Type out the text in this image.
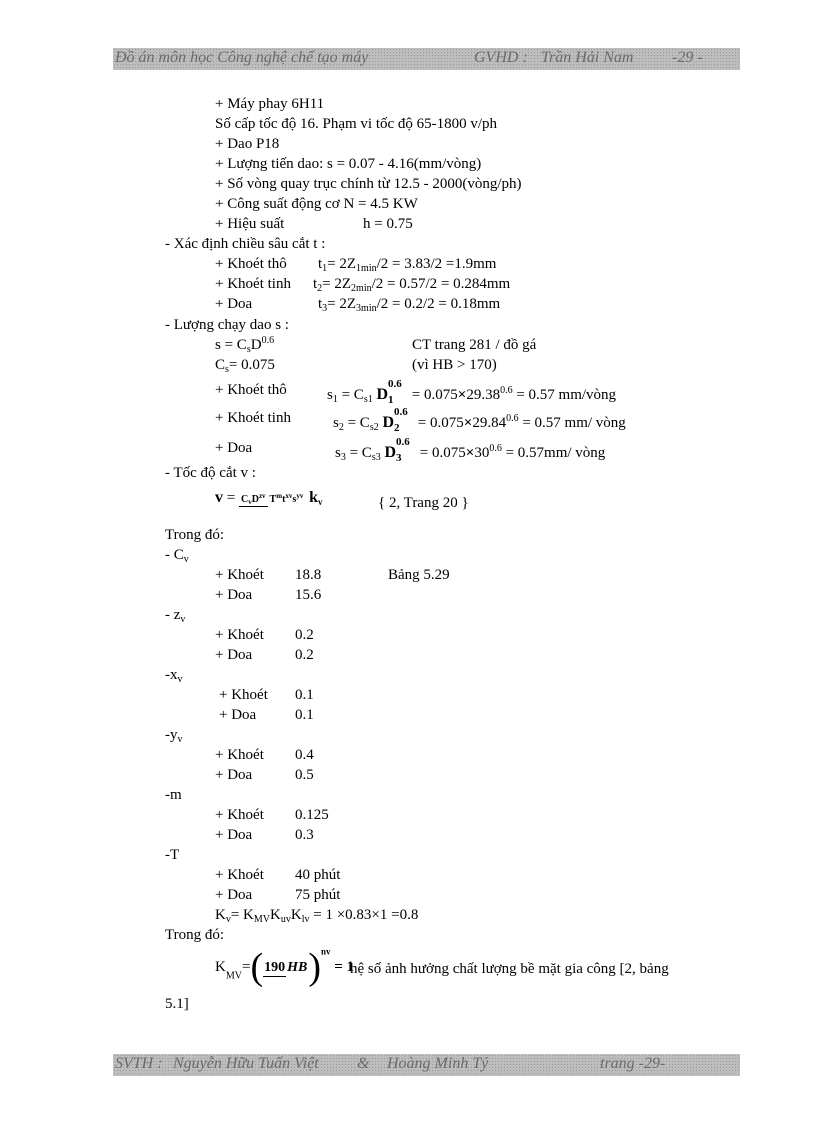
Đồ án môn học Công nghệ chế tạo máy	GVHD : Trần Hải Nam -29 -
+ Máy phay 6H11
Số cấp tốc độ 16. Phạm vi tốc độ 65-1800 v/ph
+ Dao P18
+ Lượng tiến dao: s = 0.07 - 4.16(mm/vòng)
+ Số vòng quay trục chính từ 12.5 - 2000(vòng/ph)
+ Công suất động cơ N = 4.5 KW
+ Hiệu suất	h = 0.75
- Xác định chiều sâu cắt t :
+ Khoét thô $t_1= 2Z_{1min}/2 = 3.83/2 =1.9mm$
+ Khoét tinh $t_2= 2Z_{2min}/2 = 0.57/2 = 0.284mm$
+ Doa	$t_3= 2Z_{3min}/2 = 0.2/2 = 0.18mm$
- Lượng chạy dao s :
$s = C_sD^{0.6}$	CT trang 281 / đồ gá
$C_s= 0.075$	(vì HB > 170)
+ Khoét thô	$s_1 = C_{s1}$ D
0.6
$1 = 0.075\times 29.38^{0.6} = 0.57$ mm/vòng
+ Khoét tinh	$s_2 = C_{s2}$ D
0.6
$2 = 0.075\times 29.84^{0.6} = 0.57$ mm/ vòng
+ Doa	$s_3 = C_{s3}$ D
0.6
$3 = 0.075\times 30^{0.6} = 0.57mm/$ vòng
- Tốc độ cắt v :
$v = C_vD^{zv}$ $T^mt^{xv}s^{yv}$ $k_v$	{ 2, Trang 20 }
Trong đó:
- $C_v$
+ Khoét 18.8	Bảng 5.29
+ Doa	15.6
- $z_v$
+ Khoét 0.2
+ Doa	0.2
$-x_v$
+ Khoét 0.1
+ Doa	0.1
$-y_v$
+ Khoét 0.4
+ Doa	0.5
-m
+ Khoét 0.125
+ Doa	0.3
-T
+ Khoét 40 phút
+ Doa	75 phút
$K_v= K_{MV}K_{uv}K_{lv} = 1 \times 0.83\times 1 =0.8$
Trong đó:
$K_{MV}=(190$ HB)$^{nv}$ = 1
hệ số ảnh hưởng chất lượng bề mặt gia công [2, bảng
5.1]
SVTH : Nguyễn Hữu Tuấn Việt & Hoàng Minh Tý	trang -29-
